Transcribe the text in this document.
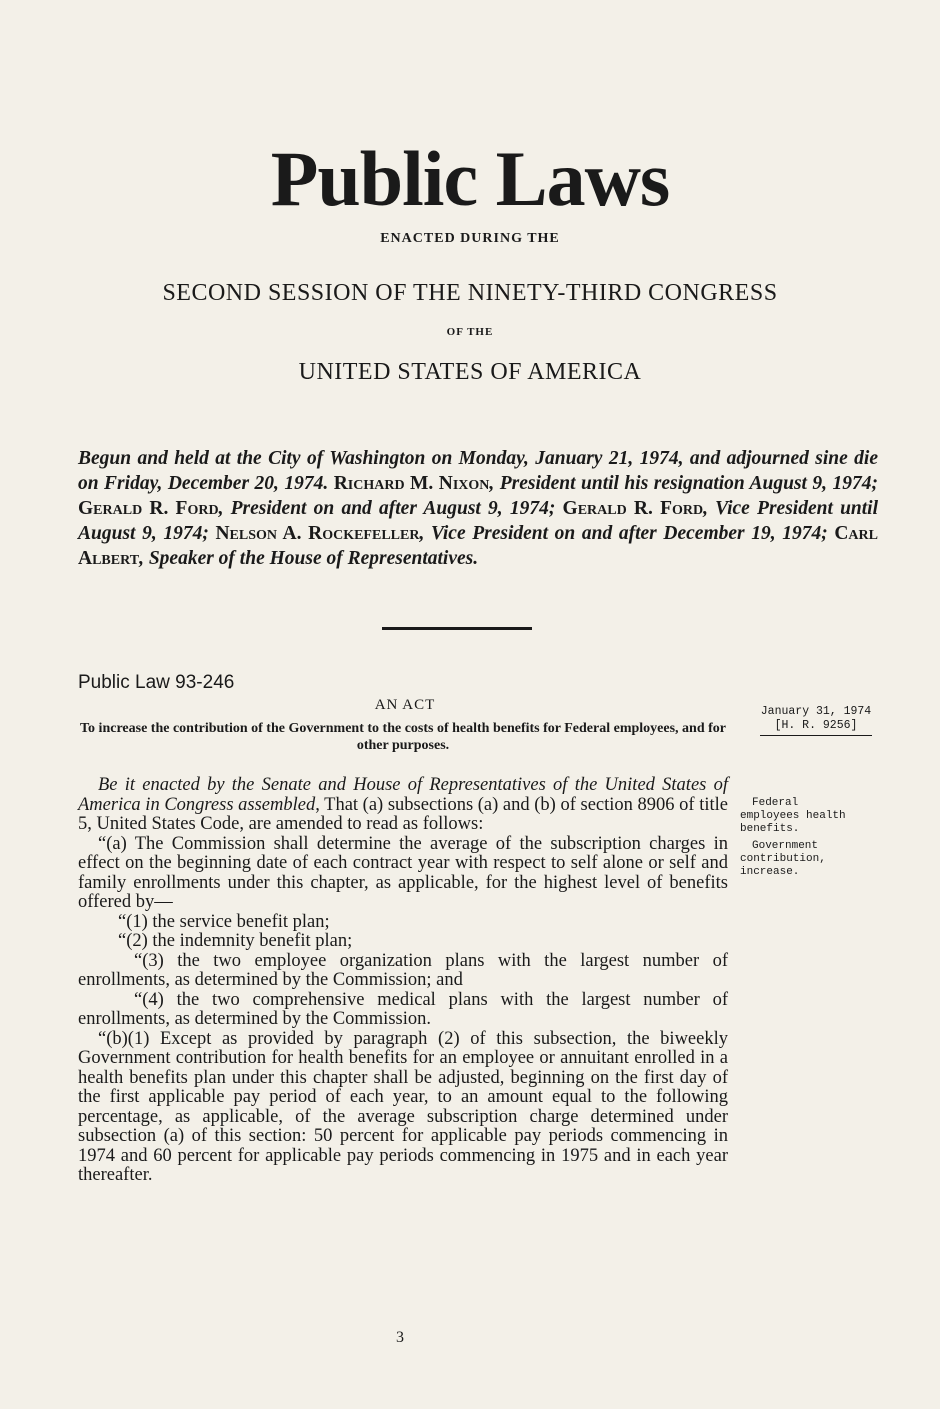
Public Laws
ENACTED DURING THE
SECOND SESSION OF THE NINETY-THIRD CONGRESS
OF THE
UNITED STATES OF AMERICA
Begun and held at the City of Washington on Monday, January 21, 1974, and adjourned sine die on Friday, December 20, 1974. Richard M. Nixon, President until his resignation August 9, 1974; Gerald R. Ford, President on and after August 9, 1974; Gerald R. Ford, Vice President until August 9, 1974; Nelson A. Rockefeller, Vice President on and after December 19, 1974; Carl Albert, Speaker of the House of Representatives.
Public Law 93-246
AN ACT
To increase the contribution of the Government to the costs of health benefits for Federal employees, and for other purposes.
January 31, 1974
[H. R. 9256]
Federal employees health benefits.
Government contribution, increase.

Be it enacted by the Senate and House of Representatives of the United States of America in Congress assembled, That (a) subsections (a) and (b) of section 8906 of title 5, United States Code, are amended to read as follows:

“(a) The Commission shall determine the average of the subscription charges in effect on the beginning date of each contract year with respect to self alone or self and family enrollments under this chapter, as applicable, for the highest level of benefits offered by—

“(1) the service benefit plan;

“(2) the indemnity benefit plan;

“(3) the two employee organization plans with the largest number of enrollments, as determined by the Commission; and

“(4) the two comprehensive medical plans with the largest number of enrollments, as determined by the Commission.

“(b)(1) Except as provided by paragraph (2) of this subsection, the biweekly Government contribution for health benefits for an employee or annuitant enrolled in a health benefits plan under this chapter shall be adjusted, beginning on the first day of the first applicable pay period of each year, to an amount equal to the following percentage, as applicable, of the average subscription charge determined under subsection (a) of this section: 50 percent for applicable pay periods commencing in 1974 and 60 percent for applicable pay periods commencing in 1975 and in each year thereafter.

3
